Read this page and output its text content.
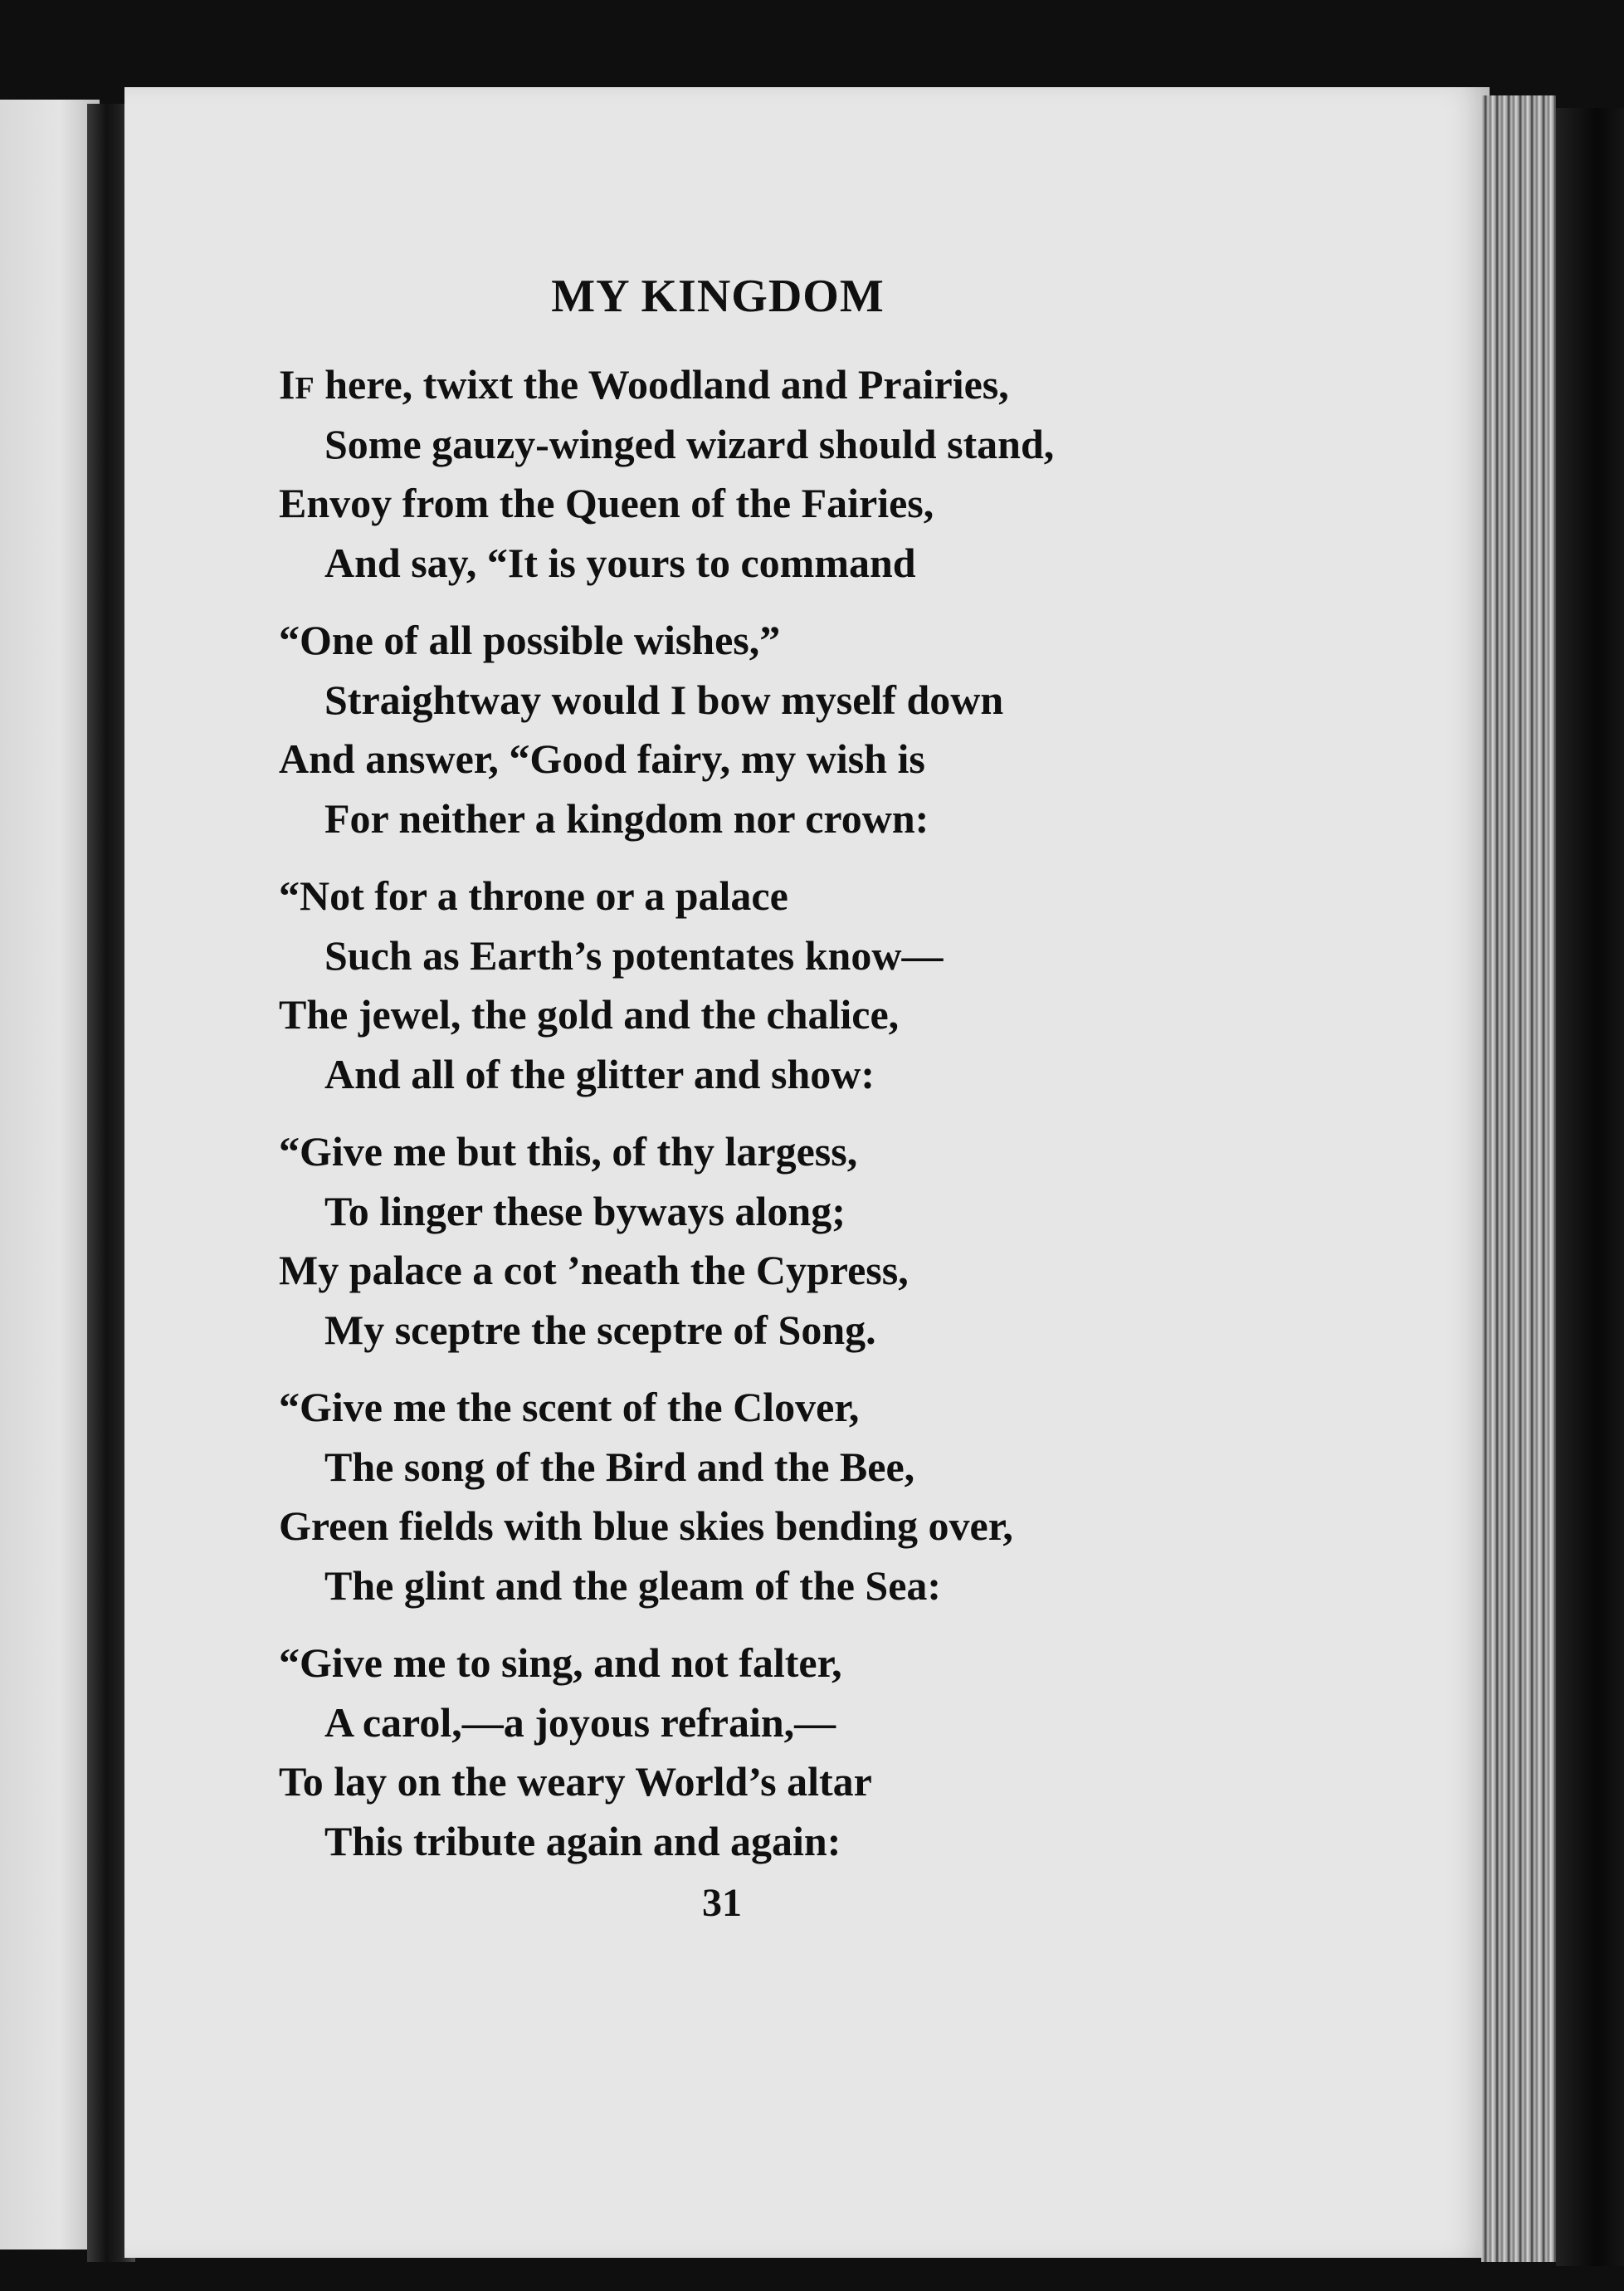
MY KINGDOM
IF here, twixt the Woodland and Prairies,
Some gauzy-winged wizard should stand,
Envoy from the Queen of the Fairies,
And say, “It is yours to command
“One of all possible wishes,”
Straightway would I bow myself down
And answer, “Good fairy, my wish is
For neither a kingdom nor crown:
“Not for a throne or a palace
Such as Earth’s potentates know—
The jewel, the gold and the chalice,
And all of the glitter and show:
“Give me but this, of thy largess,
To linger these byways along;
My palace a cot ’neath the Cypress,
My sceptre the sceptre of Song.
“Give me the scent of the Clover,
The song of the Bird and the Bee,
Green fields with blue skies bending over,
The glint and the gleam of the Sea:
“Give me to sing, and not falter,
A carol,—a joyous refrain,—
To lay on the weary World’s altar
This tribute again and again:
31
